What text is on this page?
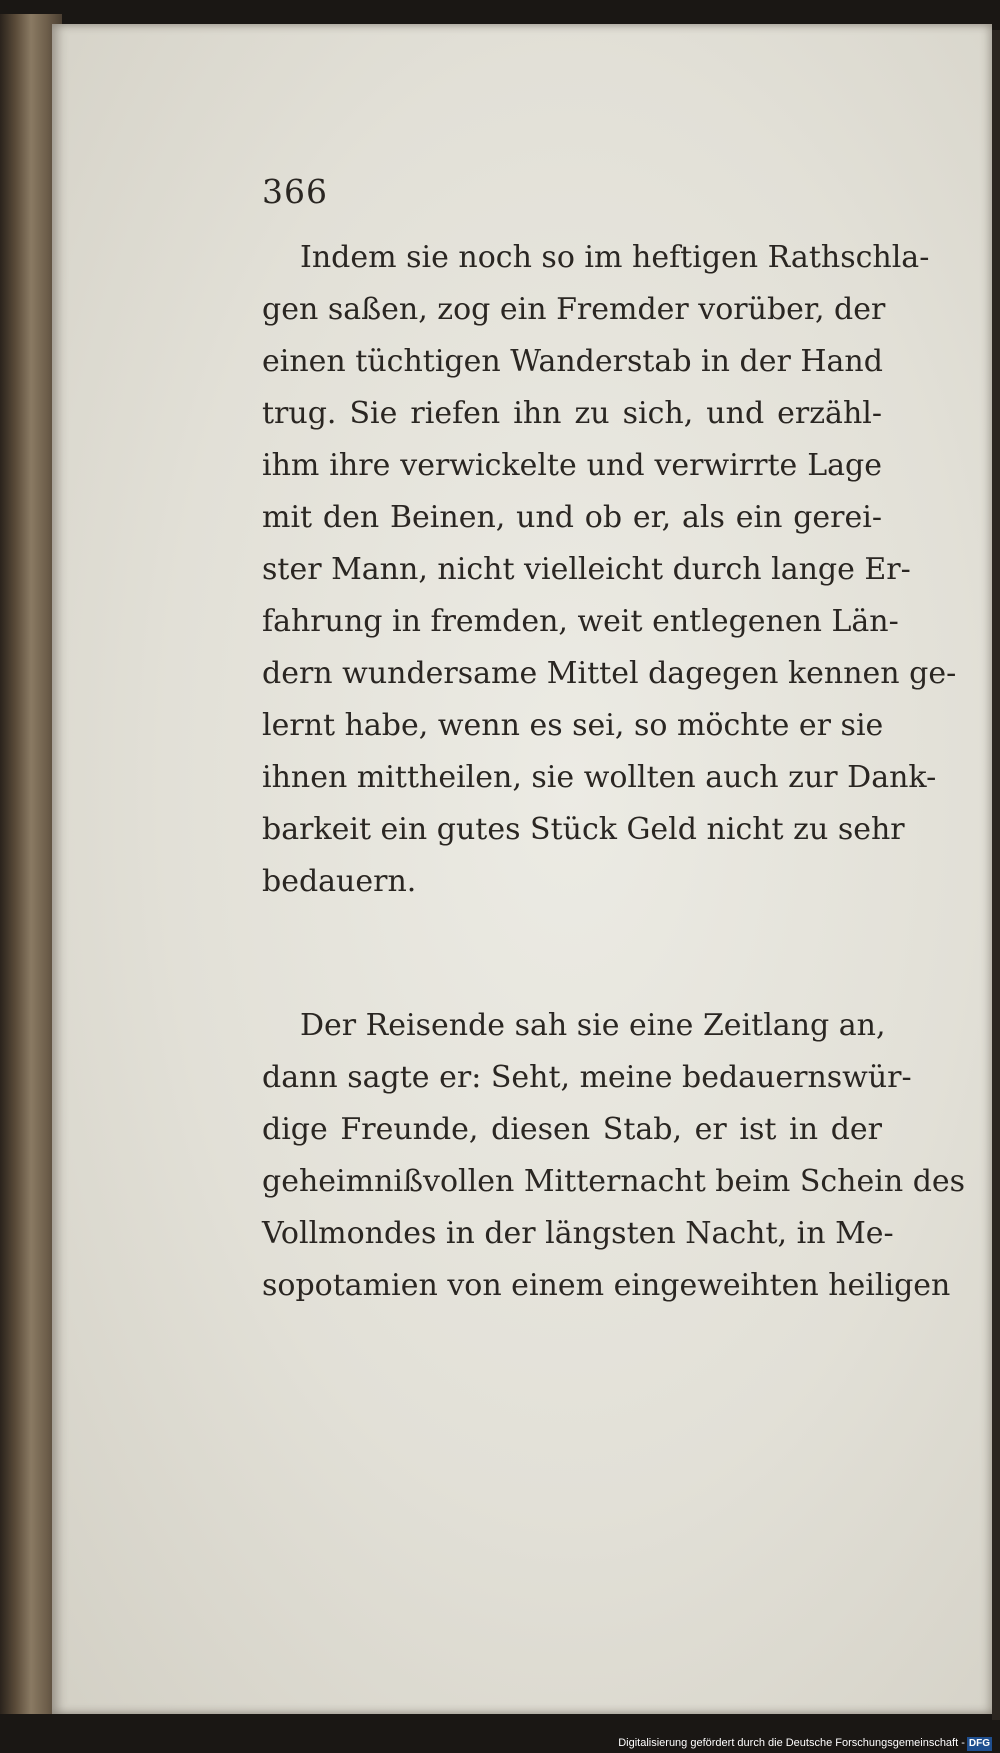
366
Indem sie noch so im heftigen Rathschla-
gen saßen, zog ein Fremder vorüber, der
einen tüchtigen Wanderstab in der Hand
trug. Sie riefen ihn zu sich, und erzähl-
ihm ihre verwickelte und verwirrte Lage
mit den Beinen, und ob er, als ein gerei-
ster Mann, nicht vielleicht durch lange Er-
fahrung in fremden, weit entlegenen Län-
dern wundersame Mittel dagegen kennen ge-
lernt habe, wenn es sei, so möchte er sie
ihnen mittheilen, sie wollten auch zur Dank-
barkeit ein gutes Stück Geld nicht zu sehr
bedauern.
Der Reisende sah sie eine Zeitlang an,
dann sagte er: Seht, meine bedauernswür-
dige Freunde, diesen Stab, er ist in der
geheimnißvollen Mitternacht beim Schein des
Vollmondes in der längsten Nacht, in Me-
sopotamien von einem eingeweihten heiligen
Digitalisierung gefördert durch die Deutsche Forschungsgemeinschaft - DFG
